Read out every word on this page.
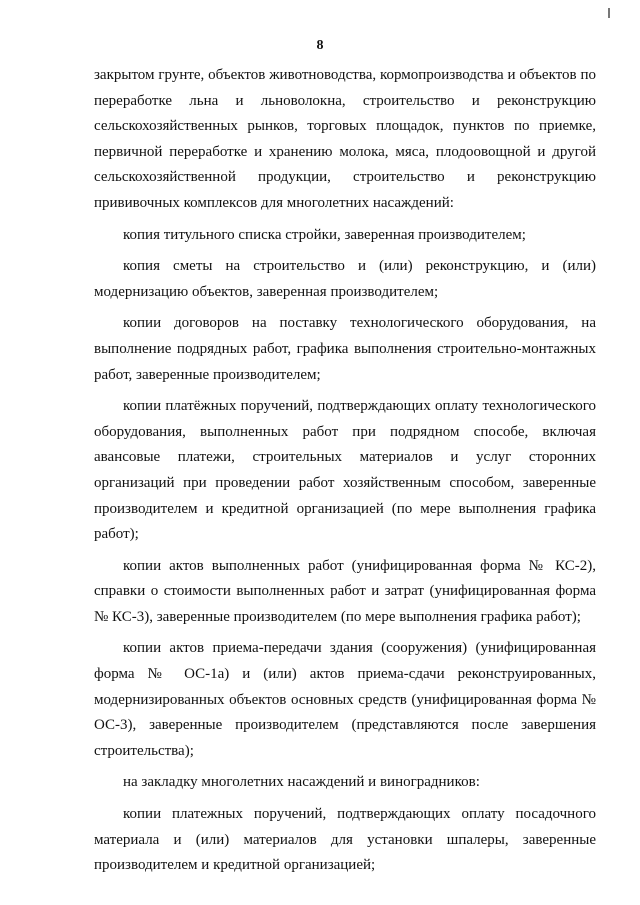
8

закрытом грунте, объектов животноводства, кормопроизводства и объектов по переработке льна и льноволокна, строительство и реконструкцию сельскохозяйственных рынков, торговых площадок, пунктов по приемке, первичной переработке и хранению молока, мяса, плодоовощной и другой сельскохозяйственной продукции, строительство и реконструкцию прививочных комплексов для многолетних насаждений:

копия титульного списка стройки, заверенная производителем;

копия сметы на строительство и (или) реконструкцию, и (или) модернизацию объектов, заверенная производителем;

копии договоров на поставку технологического оборудования, на выполнение подрядных работ, графика выполнения строительно-монтажных работ, заверенные производителем;

копии платёжных поручений, подтверждающих оплату технологического оборудования, выполненных работ при подрядном способе, включая авансовые платежи, строительных материалов и услуг сторонних организаций при проведении работ хозяйственным способом, заверенные производителем и кредитной организацией (по мере выполнения графика работ);

копии актов выполненных работ (унифицированная форма № КС-2), справки о стоимости выполненных работ и затрат (унифицированная форма № КС-3), заверенные производителем (по мере выполнения графика работ);

копии актов приема-передачи здания (сооружения) (унифицированная форма № ОС-1а) и (или) актов приема-сдачи реконструированных, модернизированных объектов основных средств (унифицированная форма № ОС-3), заверенные производителем (представляются после завершения строительства);

на закладку многолетних насаждений и виноградников:

копии платежных поручений, подтверждающих оплату посадочного материала и (или) материалов для установки шпалеры, заверенные производителем и кредитной организацией;
